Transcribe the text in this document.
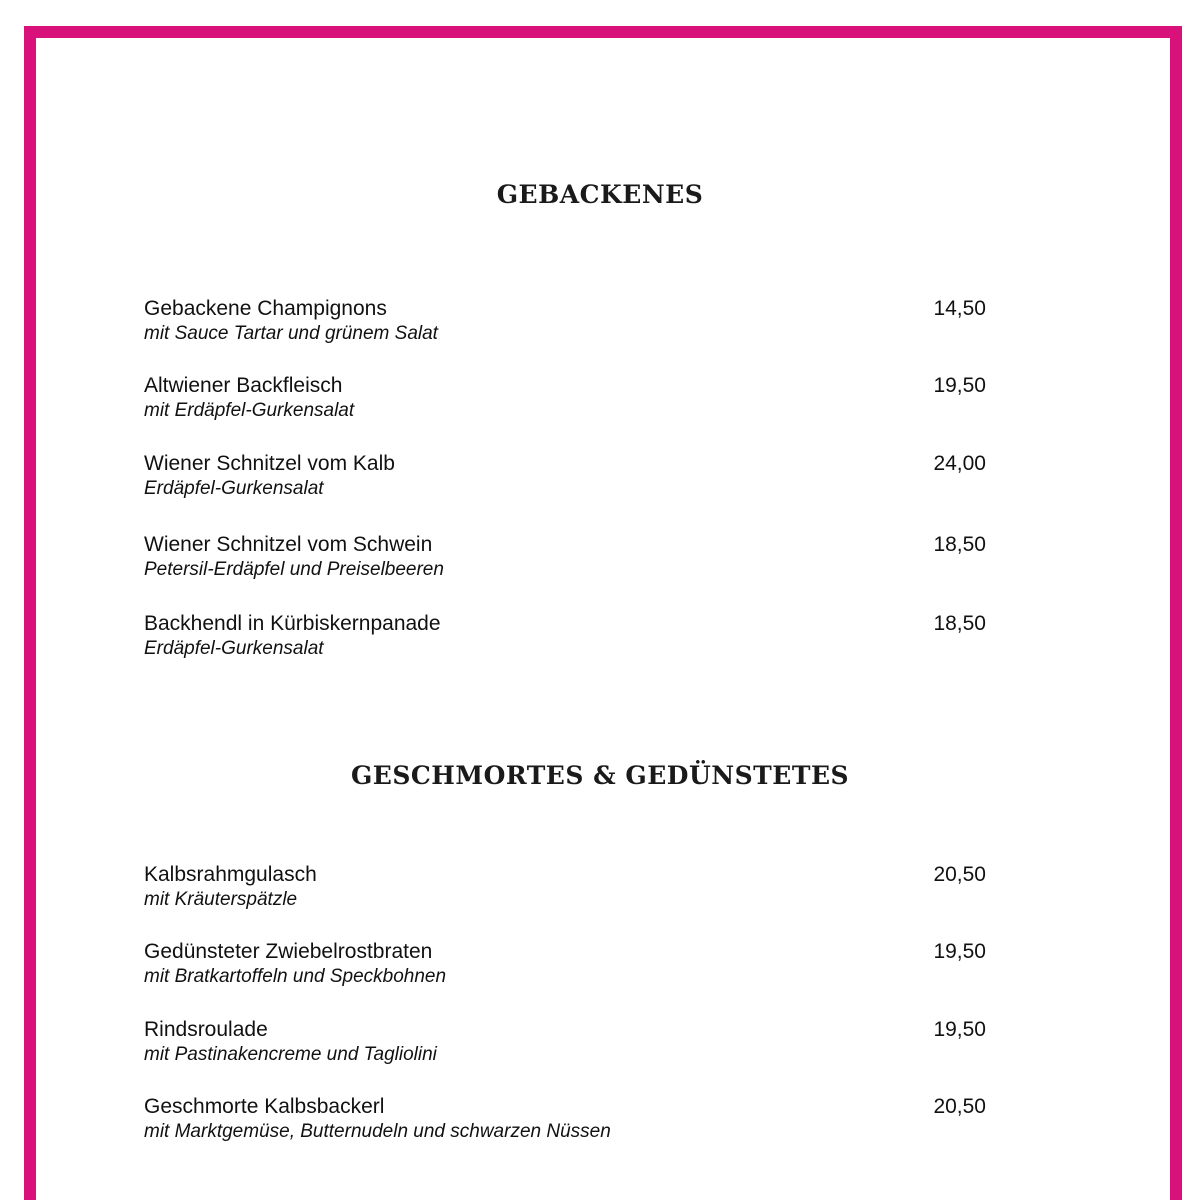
GEBACKENES
Gebackene Champignons
mit Sauce Tartar und grünem Salat
14,50
Altwiener Backfleisch
mit Erdäpfel-Gurkensalat
19,50
Wiener Schnitzel vom Kalb
Erdäpfel-Gurkensalat
24,00
Wiener Schnitzel vom Schwein
Petersil-Erdäpfel und Preiselbeeren
18,50
Backhendl in Kürbiskernpanade
Erdäpfel-Gurkensalat
18,50
GESCHMORTES & GEDÜNSTETES
Kalbsrahmgulasch
mit Kräuterspätzle
20,50
Gedünsteter Zwiebelrostbraten
mit Bratkartoffeln und Speckbohnen
19,50
Rindsroulade
mit Pastinakencreme und Tagliolini
19,50
Geschmorte Kalbsbackerl
mit Marktgemüse, Butternudeln und schwarzen Nüssen
20,50
